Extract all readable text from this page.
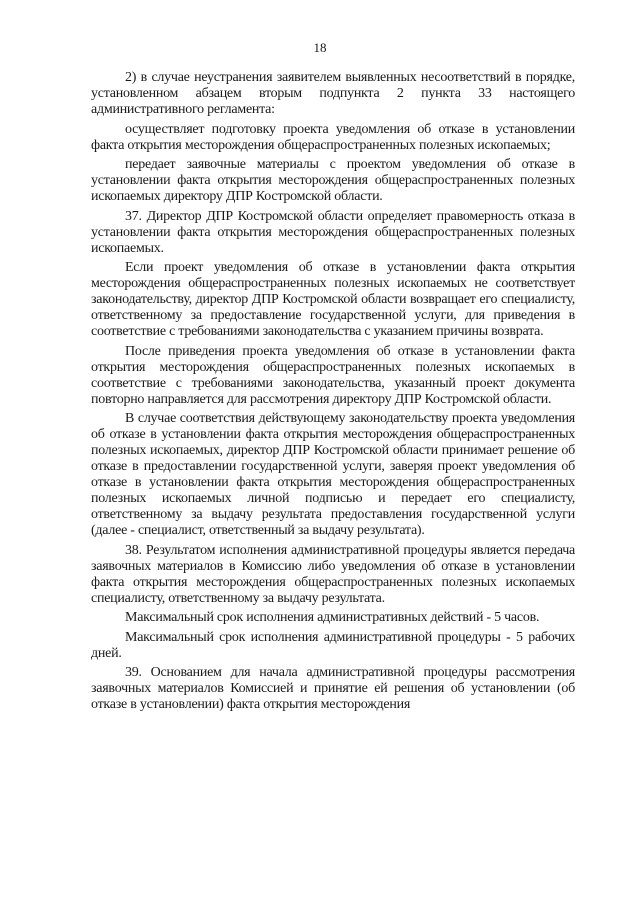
18

2) в случае неустранения заявителем выявленных несоответствий в порядке, установленном абзацем вторым подпункта 2 пункта 33 настоящего административного регламента:

осуществляет подготовку проекта уведомления об отказе в установлении факта открытия месторождения общераспространенных полезных ископаемых;

передает заявочные материалы с проектом уведомления об отказе в установлении факта открытия месторождения общераспространенных полезных ископаемых директору ДПР Костромской области.

37. Директор ДПР Костромской области определяет правомерность отказа в установлении факта открытия месторождения общераспространенных полезных ископаемых.

Если проект уведомления об отказе в установлении факта открытия месторождения общераспространенных полезных ископаемых не соответствует законодательству, директор ДПР Костромской области возвращает его специалисту, ответственному за предоставление государственной услуги, для приведения в соответствие с требованиями законодательства с указанием причины возврата.

После приведения проекта уведомления об отказе в установлении факта открытия месторождения общераспространенных полезных ископаемых в соответствие с требованиями законодательства, указанный проект документа повторно направляется для рассмотрения директору ДПР Костромской области.

В случае соответствия действующему законодательству проекта уведомления об отказе в установлении факта открытия месторождения общераспространенных полезных ископаемых, директор ДПР Костромской области принимает решение об отказе в предоставлении государственной услуги, заверяя проект уведомления об отказе в установлении факта открытия месторождения общераспространенных полезных ископаемых личной подписью и передает его специалисту, ответственному за выдачу результата предоставления государственной услуги (далее - специалист, ответственный за выдачу результата).

38. Результатом исполнения административной процедуры является передача заявочных материалов в Комиссию либо уведомления об отказе в установлении факта открытия месторождения общераспространенных полезных ископаемых специалисту, ответственному за выдачу результата.

Максимальный срок исполнения административных действий - 5 часов.

Максимальный срок исполнения административной процедуры - 5 рабочих дней.

39. Основанием для начала административной процедуры рассмотрения заявочных материалов Комиссией и принятие ей решения об установлении (об отказе в установлении) факта открытия месторождения
